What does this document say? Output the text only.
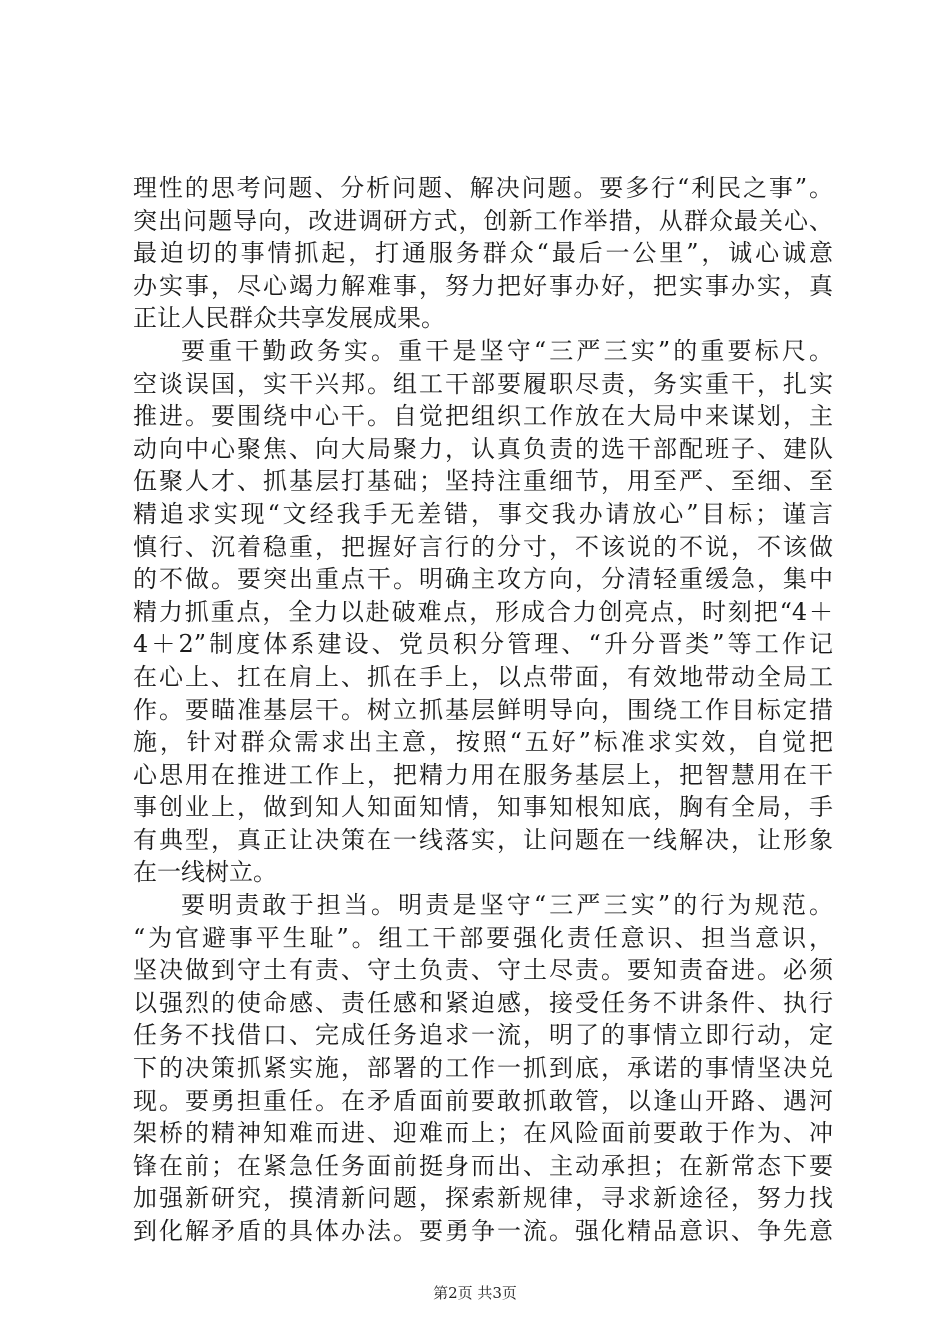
理性的思考问题、分析问题、解决问题。要多行“利民之事”。
突出问题导向，改进调研方式，创新工作举措，从群众最关心、
最迫切的事情抓起，打通服务群众“最后一公里”，诚心诚意
办实事，尽心竭力解难事，努力把好事办好，把实事办实，真
正让人民群众共享发展成果。
要重干勤政务实。重干是坚守“三严三实”的重要标尺。
空谈误国，实干兴邦。组工干部要履职尽责，务实重干，扎实
推进。要围绕中心干。自觉把组织工作放在大局中来谋划，主
动向中心聚焦、向大局聚力，认真负责的选干部配班子、建队
伍聚人才、抓基层打基础；坚持注重细节，用至严、至细、至
精追求实现“文经我手无差错，事交我办请放心”目标；谨言
慎行、沉着稳重，把握好言行的分寸，不该说的不说，不该做
的不做。要突出重点干。明确主攻方向，分清轻重缓急，集中
精力抓重点，全力以赴破难点，形成合力创亮点，时刻把“4＋
4＋2”制度体系建设、党员积分管理、“升分晋类”等工作记
在心上、扛在肩上、抓在手上，以点带面，有效地带动全局工
作。要瞄准基层干。树立抓基层鲜明导向，围绕工作目标定措
施，针对群众需求出主意，按照“五好”标准求实效，自觉把
心思用在推进工作上，把精力用在服务基层上，把智慧用在干
事创业上，做到知人知面知情，知事知根知底，胸有全局，手
有典型，真正让决策在一线落实，让问题在一线解决，让形象
在一线树立。
要明责敢于担当。明责是坚守“三严三实”的行为规范。
“为官避事平生耻”。组工干部要强化责任意识、担当意识，
坚决做到守土有责、守土负责、守土尽责。要知责奋进。必须
以强烈的使命感、责任感和紧迫感，接受任务不讲条件、执行
任务不找借口、完成任务追求一流，明了的事情立即行动，定
下的决策抓紧实施，部署的工作一抓到底，承诺的事情坚决兑
现。要勇担重任。在矛盾面前要敢抓敢管，以逢山开路、遇河
架桥的精神知难而进、迎难而上；在风险面前要敢于作为、冲
锋在前；在紧急任务面前挺身而出、主动承担；在新常态下要
加强新研究，摸清新问题，探索新规律，寻求新途径，努力找
到化解矛盾的具体办法。要勇争一流。强化精品意识、争先意
第2页 共3页
